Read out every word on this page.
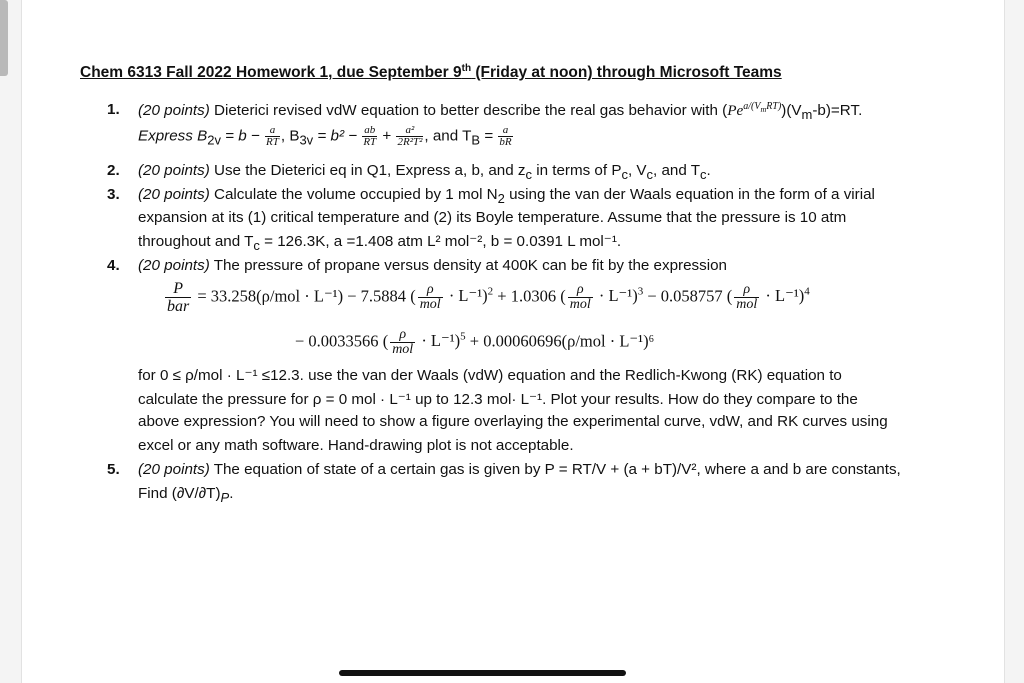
Chem 6313 Fall 2022 Homework 1, due September 9th (Friday at noon) through Microsoft Teams
1. (20 points) Dieterici revised vdW equation to better describe the real gas behavior with $(Pe^{a/(V_mRT)})(V_m-b)=RT$.
Express $B_{2v} = b - \frac{a}{RT}$ , $B_{3v} = b^2 - \frac{ab}{RT} + \frac{\text{a²}}{\text{2R²T²}}$ , and $T_B = \frac{a}{bR}$
2. (20 points) Use the Dieterici eq in Q1, Express a, b, and $z_c$ in terms of $P_c$, $V_c$, and $T_c$.
3. (20 points) Calculate the volume occupied by 1 mol $N_2$ using the van der Waals equation in the form of a virial
expansion at its (1) critical temperature and (2) its Boyle temperature. Assume that the pressure is 10 atm
throughout and $T_c = 126.3K$, a =1.408 atm L² mol⁻², b = 0.0391 L mol⁻¹.
4. (20 points) The pressure of propane versus density at 400K can be fit by the expression
P
bar
= 33.258(ρ/mol · L⁻¹) − 7.5884 ( ρ
mol · L⁻¹)$^2$ + 1.0306 ( ρ
mol · L⁻¹)$^3$ − 0.058757 ( ρ
mol · L⁻¹)$^4$
− 0.0033566 ( ρ
mol · L⁻¹)$^5$ + 0.00060696(ρ/mol · L⁻¹)⁶
for 0 ≤ ρ/mol · L⁻¹ ≤12.3. use the van der Waals (vdW) equation and the Redlich-Kwong (RK) equation to
calculate the pressure for ρ = 0 mol · L⁻¹ up to 12.3 mol· L⁻¹. Plot your results. How do they compare to the
above expression? You will need to show a figure overlaying the experimental curve, vdW, and RK curves using
excel or any math software. Hand-drawing plot is not acceptable.
5. (20 points) The equation of state of a certain gas is given by P = RT/V + (a + bT)/V², where a and b are constants,
Find $(\partial V/\partial T)_P$.
